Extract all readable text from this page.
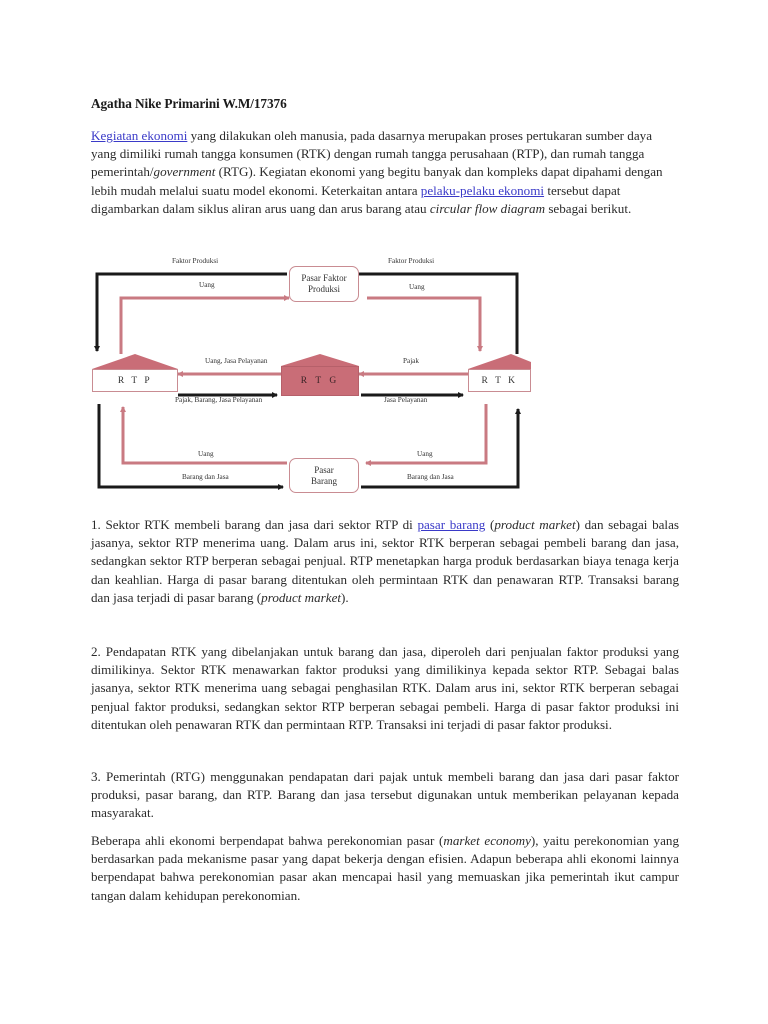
Agatha Nike Primarini W.M/17376

Kegiatan ekonomi yang dilakukan oleh manusia, pada dasarnya merupakan proses pertukaran sumber daya yang dimiliki rumah tangga konsumen (RTK) dengan rumah tangga perusahaan (RTP), dan rumah tangga pemerintah/government (RTG). Kegiatan ekonomi yang begitu banyak dan kompleks dapat dipahami dengan lebih mudah melalui suatu model ekonomi. Keterkaitan antara pelaku-pelaku ekonomi tersebut dapat digambarkan dalam siklus aliran arus uang dan arus barang atau circular flow diagram sebagai berikut.

1. Sektor RTK membeli barang dan jasa dari sektor RTP di pasar barang (product market) dan sebagai balas jasanya, sektor RTP menerima uang. Dalam arus ini, sektor RTK berperan sebagai pembeli barang dan jasa, sedangkan sektor RTP berperan sebagai penjual. RTP menetapkan harga produk berdasarkan biaya tenaga kerja dan keahlian. Harga di pasar barang ditentukan oleh permintaan RTK dan penawaran RTP. Transaksi barang dan jasa terjadi di pasar barang (product market).

2. Pendapatan RTK yang dibelanjakan untuk barang dan jasa, diperoleh dari penjualan faktor produksi yang dimilikinya. Sektor RTK menawarkan faktor produksi yang dimilikinya kepada sektor RTP. Sebagai balas jasanya, sektor RTK menerima uang sebagai penghasilan RTK. Dalam arus ini, sektor RTK berperan sebagai penjual faktor produksi, sedangkan sektor RTP berperan sebagai pembeli. Harga di pasar faktor produksi ini ditentukan oleh penawaran RTK dan permintaan RTP. Transaksi ini terjadi di pasar faktor produksi.

3. Pemerintah (RTG) menggunakan pendapatan dari pajak untuk membeli barang dan jasa dari pasar faktor produksi, pasar barang, dan RTP. Barang dan jasa tersebut digunakan untuk memberikan pelayanan kepada masyarakat.

Beberapa ahli ekonomi berpendapat bahwa perekonomian pasar (market economy), yaitu perekonomian yang berdasarkan pada mekanisme pasar yang dapat bekerja dengan efisien. Adapun beberapa ahli ekonomi lainnya berpendapat bahwa perekonomian pasar akan mencapai hasil yang memuaskan jika pemerintah ikut campur tangan dalam kehidupan perekonomian.

R T P	R T G	R T K
Pasar Faktor
Produksi
Pasar
Barang
Faktor Produksi	Faktor Produksi
Uang	Uang
Uang, Jasa Pelayanan	Pajak
Pajak, Barang, Jasa Pelayanan	Jasa Pelayanan
Uang	Uang
Barang dan Jasa	Barang dan Jasa
